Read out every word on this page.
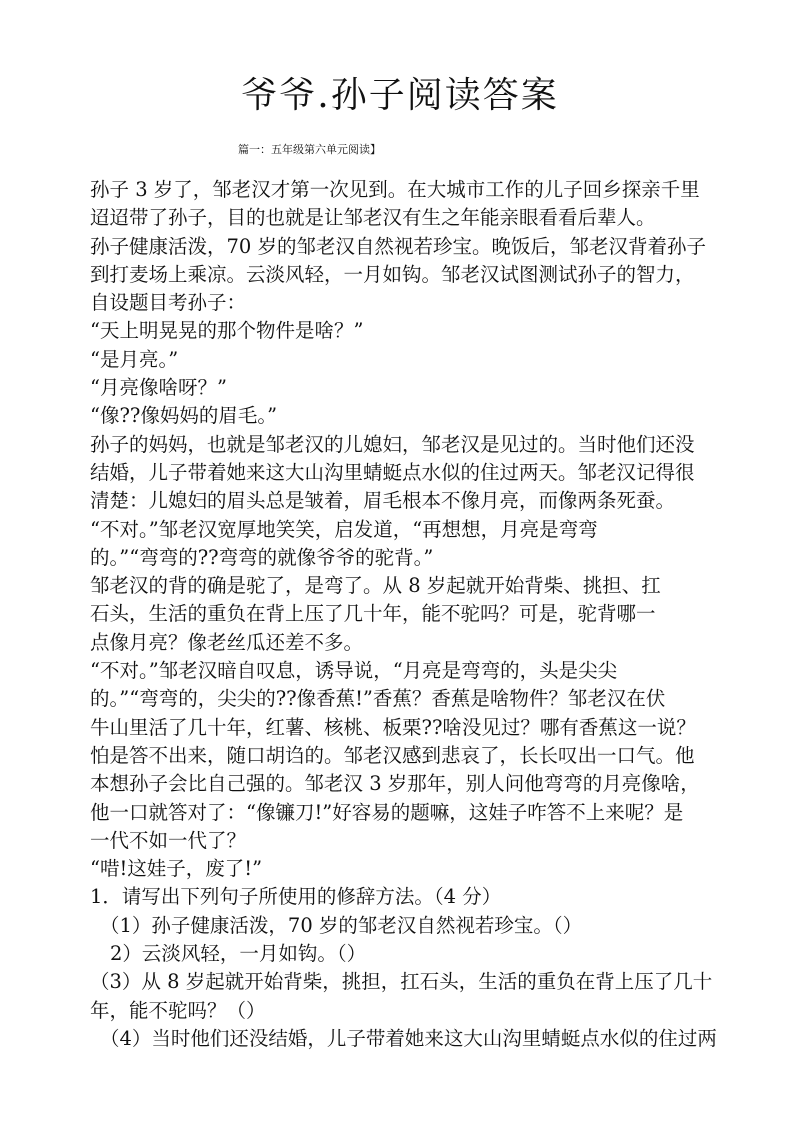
爷爷.孙子阅读答案
篇一：五年级第六单元阅读】
孙子 3 岁了，邹老汉才第一次见到。在大城市工作的儿子回乡探亲千里
迢迢带了孙子，目的也就是让邹老汉有生之年能亲眼看看后辈人。
孙子健康活泼，70 岁的邹老汉自然视若珍宝。晚饭后，邹老汉背着孙子
到打麦场上乘凉。云淡风轻，一月如钩。邹老汉试图测试孙子的智力，
自设题目考孙子：
“天上明晃晃的那个物件是啥？”
“是月亮。”
“月亮像啥呀？”
“像??像妈妈的眉毛。”
孙子的妈妈，也就是邹老汉的儿媳妇，邹老汉是见过的。当时他们还没
结婚，儿子带着她来这大山沟里蜻蜓点水似的住过两天。邹老汉记得很
清楚：儿媳妇的眉头总是皱着，眉毛根本不像月亮，而像两条死蚕。
“不对。”邹老汉宽厚地笑笑，启发道，“再想想，月亮是弯弯
的。”“弯弯的??弯弯的就像爷爷的驼背。”
邹老汉的背的确是驼了，是弯了。从 8 岁起就开始背柴、挑担、扛
石头，生活的重负在背上压了几十年，能不驼吗？可是，驼背哪一
点像月亮？像老丝瓜还差不多。
“不对。”邹老汉暗自叹息，诱导说，“月亮是弯弯的，头是尖尖
的。”“弯弯的，尖尖的??像香蕉!”香蕉？香蕉是啥物件？邹老汉在伏
牛山里活了几十年，红薯、核桃、板栗??啥没见过？哪有香蕉这一说？
怕是答不出来，随口胡诌的。邹老汉感到悲哀了，长长叹出一口气。他
本想孙子会比自己强的。邹老汉 3 岁那年，别人问他弯弯的月亮像啥，
他一口就答对了：“像镰刀!”好容易的题嘛，这娃子咋答不上来呢？是
一代不如一代了？
“唶!这娃子，废了!”
1．请写出下列句子所使用的修辞方法。（4 分）
（1）孙子健康活泼，70 岁的邹老汉自然视若珍宝。（）
2）云淡风轻，一月如钩。（）
（3）从 8 岁起就开始背柴，挑担，扛石头，生活的重负在背上压了几十
年，能不驼吗？（）
（4）当时他们还没结婚，儿子带着她来这大山沟里蜻蜓点水似的住过两
